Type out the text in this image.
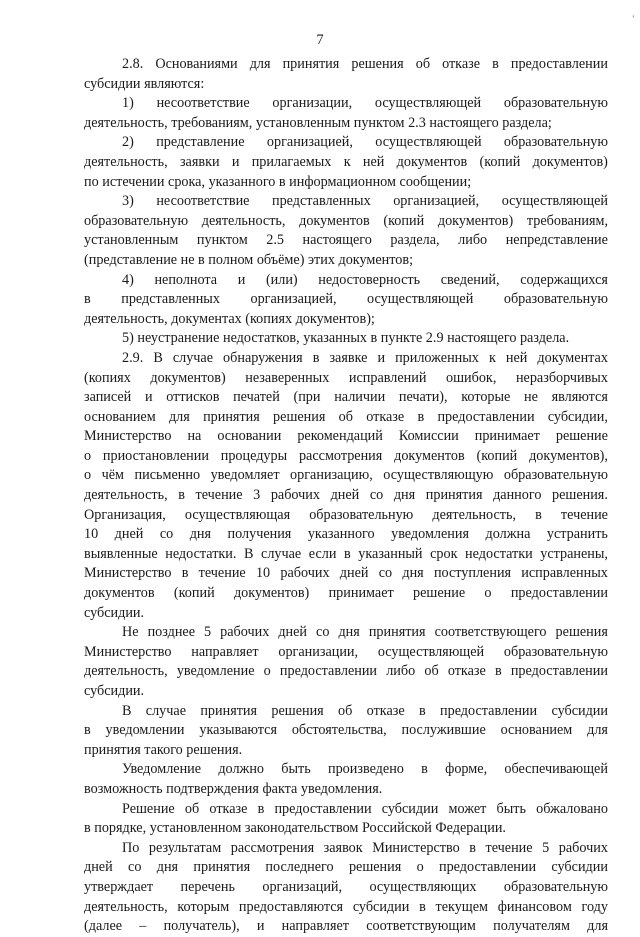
7
'
2.8. Основаниями для принятия решения об отказе в предоставлении
субсидии являются:
1) несоответствие организации, осуществляющей образовательную
деятельность, требованиям, установленным пунктом 2.3 настоящего раздела;
2) представление организацией, осуществляющей образовательную
деятельность, заявки и прилагаемых к ней документов (копий документов)
по истечении срока, указанного в информационном сообщении;
3) несоответствие представленных организацией, осуществляющей
образовательную деятельность, документов (копий документов) требованиям,
установленным пунктом 2.5 настоящего раздела, либо непредставление
(представление не в полном объёме) этих документов;
4) неполнота и (или) недостоверность сведений, содержащихся
в представленных организацией, осуществляющей образовательную
деятельность, документах (копиях документов);
5) неустранение недостатков, указанных в пункте 2.9 настоящего раздела.
2.9. В случае обнаружения в заявке и приложенных к ней документах
(копиях документов) незаверенных исправлений ошибок, неразборчивых
записей и оттисков печатей (при наличии печати), которые не являются
основанием для принятия решения об отказе в предоставлении субсидии,
Министерство на основании рекомендаций Комиссии принимает решение
о приостановлении процедуры рассмотрения документов (копий документов),
о чём письменно уведомляет организацию, осуществляющую образовательную
деятельность, в течение 3 рабочих дней со дня принятия данного решения.
Организация, осуществляющая образовательную деятельность, в течение
10 дней со дня получения указанного уведомления должна устранить
выявленные недостатки. В случае если в указанный срок недостатки устранены,
Министерство в течение 10 рабочих дней со дня поступления исправленных
документов (копий документов) принимает решение о предоставлении
субсидии.
Не позднее 5 рабочих дней со дня принятия соответствующего решения
Министерство направляет организации, осуществляющей образовательную
деятельность, уведомление о предоставлении либо об отказе в предоставлении
субсидии.
В случае принятия решения об отказе в предоставлении субсидии
в уведомлении указываются обстоятельства, послужившие основанием для
принятия такого решения.
Уведомление должно быть произведено в форме, обеспечивающей
возможность подтверждения факта уведомления.
Решение об отказе в предоставлении субсидии может быть обжаловано
в порядке, установленном законодательством Российской Федерации.
По результатам рассмотрения заявок Министерство в течение 5 рабочих
дней со дня принятия последнего решения о предоставлении субсидии
утверждает перечень организаций, осуществляющих образовательную
деятельность, которым предоставляются субсидии в текущем финансовом году
(далее – получатель), и направляет соответствующим получателям для
